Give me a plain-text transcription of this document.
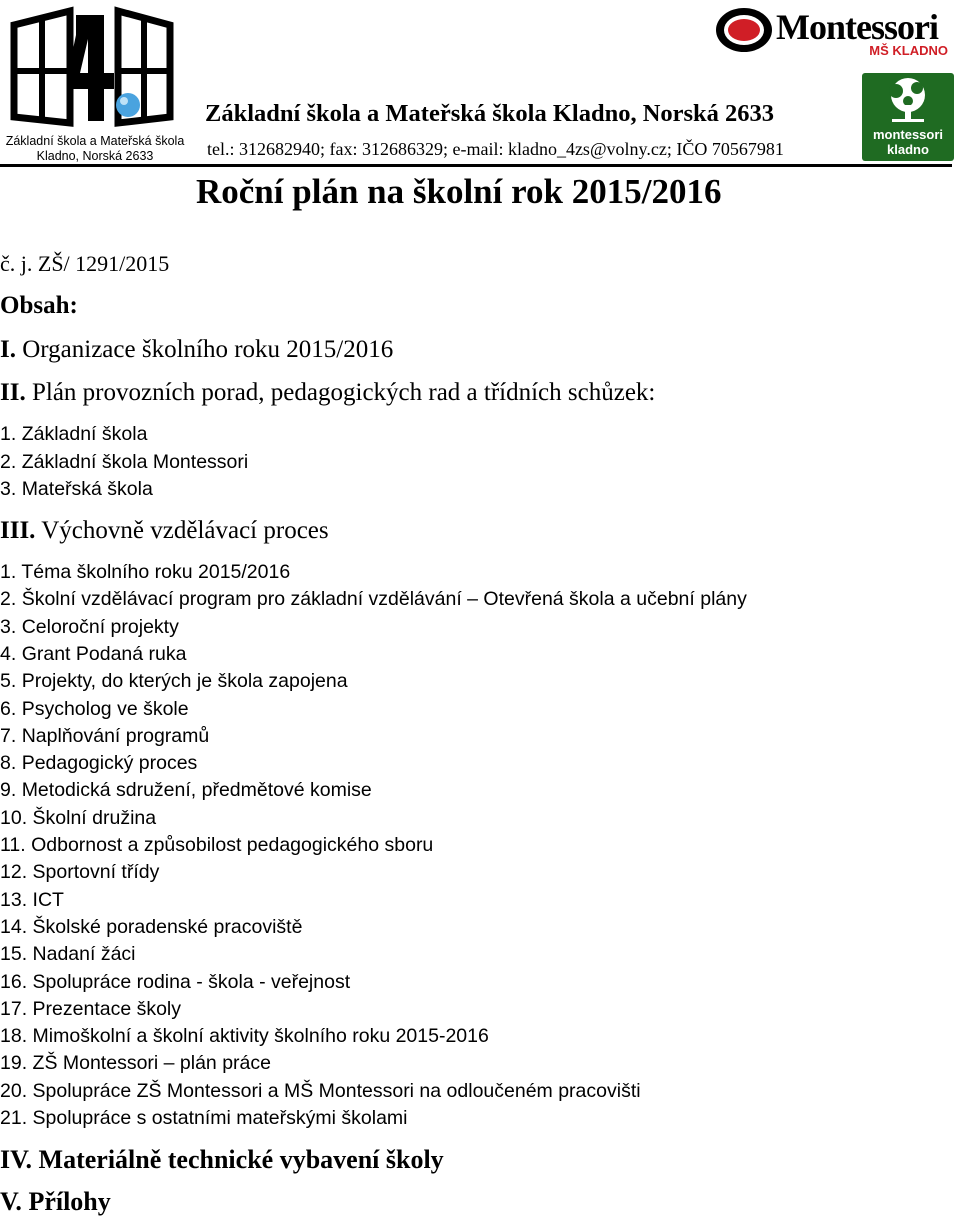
Základní škola a Mateřská škola
Kladno, Norská 2633
Základní škola a Mateřská škola Kladno, Norská 2633
tel.: 312682940; fax: 312686329; e-mail: kladno_4zs@volny.cz; IČO 70567981
Montessori
MŠ KLADNO
montessori
kladno
Roční plán na školní rok 2015/2016
č. j. ZŠ/ 1291/2015
Obsah:
I. Organizace školního roku 2015/2016
II. Plán provozních porad, pedagogických rad a třídních schůzek:
1. Základní škola
2. Základní škola Montessori
3. Mateřská škola
III. Výchovně vzdělávací proces
1. Téma školního roku 2015/2016
2. Školní vzdělávací program pro základní vzdělávání – Otevřená škola a učební plány
3. Celoroční projekty
4. Grant Podaná ruka
5. Projekty, do kterých je škola zapojena
6. Psycholog ve škole
7. Naplňování programů
8. Pedagogický proces
9. Metodická sdružení, předmětové komise
10. Školní družina
11. Odbornost a způsobilost pedagogického sboru
12. Sportovní třídy
13. ICT
14. Školské poradenské pracoviště
15. Nadaní žáci
16. Spolupráce rodina - škola - veřejnost
17. Prezentace školy
18. Mimoškolní a školní aktivity školního roku 2015-2016
19. ZŠ Montessori – plán práce
20. Spolupráce ZŠ Montessori a MŠ Montessori na odloučeném pracovišti
21. Spolupráce s ostatními mateřskými školami
IV. Materiálně technické vybavení školy
V. Přílohy
